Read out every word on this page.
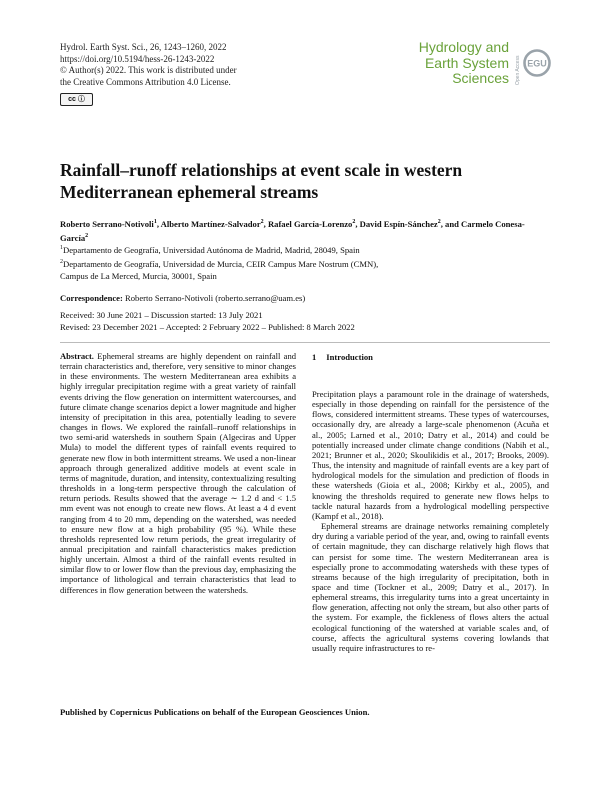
Hydrol. Earth Syst. Sci., 26, 1243–1260, 2022
https://doi.org/10.5194/hess-26-1243-2022
© Author(s) 2022. This work is distributed under
the Creative Commons Attribution 4.0 License.
cc ⓘ
Hydrology and
Earth System
Sciences Open Access EGU
Rainfall–runoff relationships at event scale in western Mediterranean ephemeral streams
Roberto Serrano-Notivoli$^1$, Alberto Martínez-Salvador$^2$, Rafael García-Lorenzo$^2$, David Espín-Sánchez$^2$, and Carmelo Conesa-García$^2$
$^1$Departamento de Geografía, Universidad Autónoma de Madrid, Madrid, 28049, Spain
$^2$Departamento de Geografía, Universidad de Murcia, CEIR Campus Mare Nostrum (CMN),
Campus de La Merced, Murcia, 30001, Spain
Correspondence: Roberto Serrano-Notivoli (roberto.serrano@uam.es)
Received: 30 June 2021 – Discussion started: 13 July 2021
Revised: 23 December 2021 – Accepted: 2 February 2022 – Published: 8 March 2022
Abstract. Ephemeral streams are highly dependent on rainfall and terrain characteristics and, therefore, very sensitive to minor changes in these environments. The western Mediterranean area exhibits a highly irregular precipitation regime with a great variety of rainfall events driving the flow generation on intermittent watercourses, and future climate change scenarios depict a lower magnitude and higher intensity of precipitation in this area, potentially leading to severe changes in flows. We explored the rainfall–runoff relationships in two semi-arid watersheds in southern Spain (Algeciras and Upper Mula) to model the different types of rainfall events required to generate new flow in both intermittent streams. We used a non-linear approach through generalized additive models at event scale in terms of magnitude, duration, and intensity, contextualizing resulting thresholds in a long-term perspective through the calculation of return periods. Results showed that the average ∼ 1.2 d and < 1.5 mm event was not enough to create new flows. At least a 4 d event ranging from 4 to 20 mm, depending on the watershed, was needed to ensure new flow at a high probability (95 %). While these thresholds represented low return periods, the great irregularity of annual precipitation and rainfall characteristics makes prediction highly uncertain. Almost a third of the rainfall events resulted in similar flow to or lower flow than the previous day, emphasizing the importance of lithological and terrain characteristics that lead to differences in flow generation between the watersheds.
1 Introduction

Precipitation plays a paramount role in the drainage of watersheds, especially in those depending on rainfall for the persistence of the flows, considered intermittent streams. These types of watercourses, occasionally dry, are already a large-scale phenomenon (Acuña et al., 2005; Larned et al., 2010; Datry et al., 2014) and could be potentially increased under climate change conditions (Nabih et al., 2021; Brunner et al., 2020; Skoulikidis et al., 2017; Brooks, 2009). Thus, the intensity and magnitude of rainfall events are a key part of hydrological models for the simulation and prediction of floods in these watersheds (Gioia et al., 2008; Kirkby et al., 2005), and knowing the thresholds required to generate new flows helps to tackle natural hazards from a hydrological modelling perspective (Kampf et al., 2018).

Ephemeral streams are drainage networks remaining completely dry during a variable period of the year, and, owing to rainfall events of certain magnitude, they can discharge relatively high flows that can persist for some time. The western Mediterranean area is especially prone to accommodating watersheds with these types of streams because of the high irregularity of precipitation, both in space and time (Tockner et al., 2009; Datry et al., 2017). In ephemeral streams, this irregularity turns into a great uncertainty in flow generation, affecting not only the stream, but also other parts of the system. For example, the fickleness of flows alters the actual ecological functioning of the watershed at variable scales and, of course, affects the agricultural systems covering lowlands that usually require infrastructures to re-

Published by Copernicus Publications on behalf of the European Geosciences Union.
